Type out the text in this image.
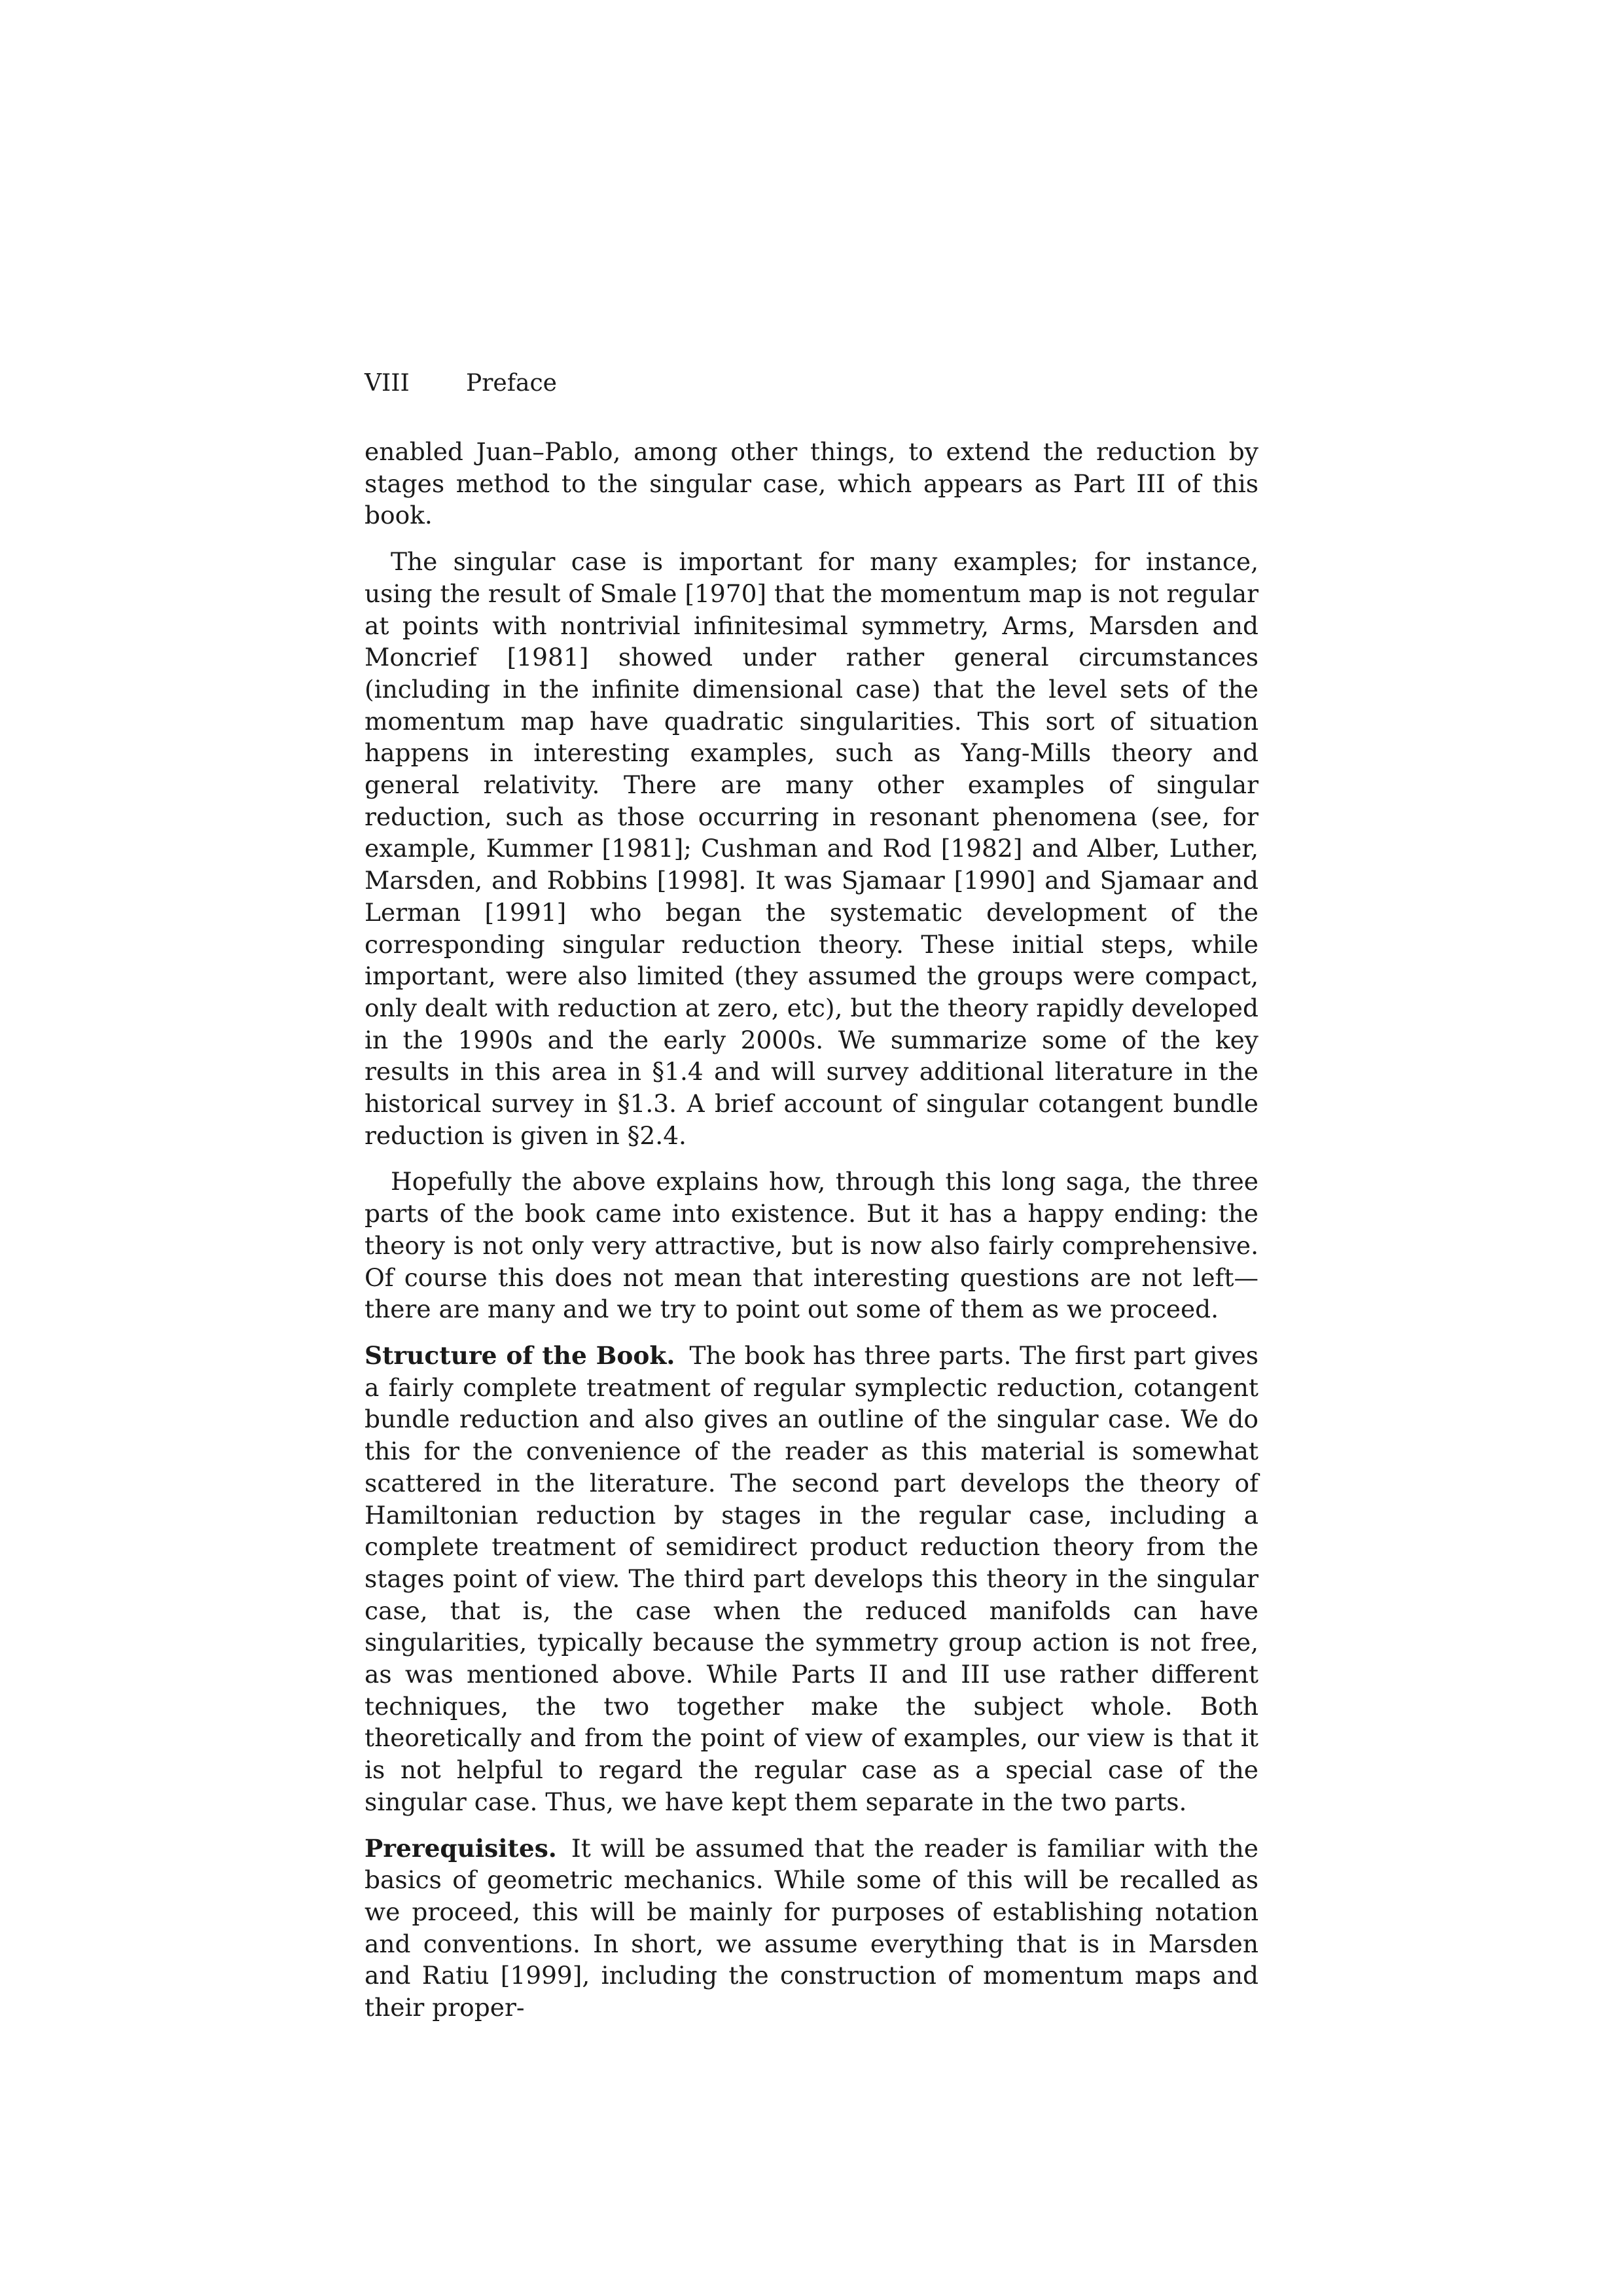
VIII Preface

enabled Juan–Pablo, among other things, to extend the reduction by stages method to the singular case, which appears as Part III of this book.

The singular case is important for many examples; for instance, using the result of Smale [1970] that the momentum map is not regular at points with nontrivial infinitesimal symmetry, Arms, Marsden and Moncrief [1981] showed under rather general circumstances (including in the infinite dimensional case) that the level sets of the momentum map have quadratic singularities. This sort of situation happens in interesting examples, such as Yang-Mills theory and general relativity. There are many other examples of singular reduction, such as those occurring in resonant phenomena (see, for example, Kummer [1981]; Cushman and Rod [1982] and Alber, Luther, Marsden, and Robbins [1998]. It was Sjamaar [1990] and Sjamaar and Lerman [1991] who began the systematic development of the corresponding singular reduction theory. These initial steps, while important, were also limited (they assumed the groups were compact, only dealt with reduction at zero, etc), but the theory rapidly developed in the 1990s and the early 2000s. We summarize some of the key results in this area in §1.4 and will survey additional literature in the historical survey in §1.3. A brief account of singular cotangent bundle reduction is given in §2.4.

Hopefully the above explains how, through this long saga, the three parts of the book came into existence. But it has a happy ending: the theory is not only very attractive, but is now also fairly comprehensive. Of course this does not mean that interesting questions are not left—there are many and we try to point out some of them as we proceed.

Structure of the Book. The book has three parts. The first part gives a fairly complete treatment of regular symplectic reduction, cotangent bundle reduction and also gives an outline of the singular case. We do this for the convenience of the reader as this material is somewhat scattered in the literature. The second part develops the theory of Hamiltonian reduction by stages in the regular case, including a complete treatment of semidirect product reduction theory from the stages point of view. The third part develops this theory in the singular case, that is, the case when the reduced manifolds can have singularities, typically because the symmetry group action is not free, as was mentioned above. While Parts II and III use rather different techniques, the two together make the subject whole. Both theoretically and from the point of view of examples, our view is that it is not helpful to regard the regular case as a special case of the singular case. Thus, we have kept them separate in the two parts.

Prerequisites. It will be assumed that the reader is familiar with the basics of geometric mechanics. While some of this will be recalled as we proceed, this will be mainly for purposes of establishing notation and conventions. In short, we assume everything that is in Marsden and Ratiu [1999], including the construction of momentum maps and their proper-
